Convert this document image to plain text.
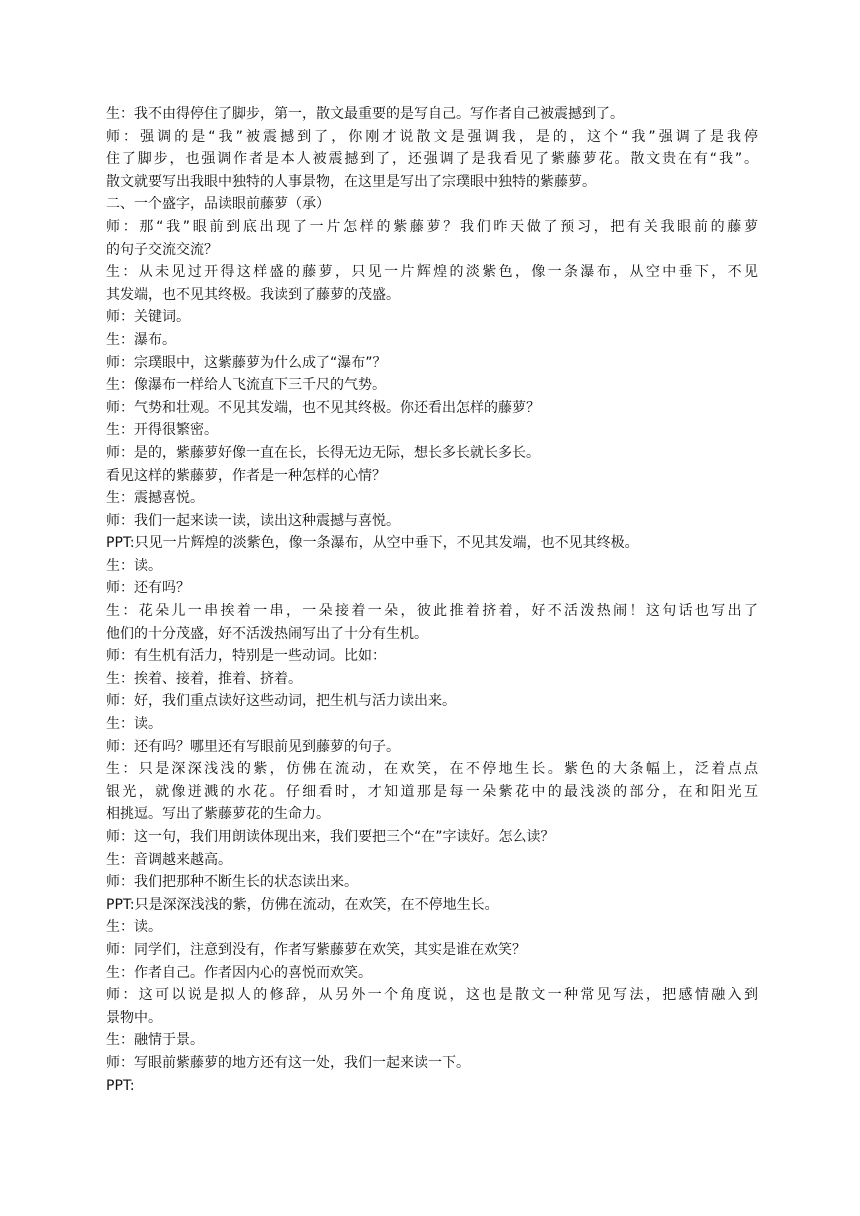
生：我不由得停住了脚步，第一，散文最重要的是写自己。写作者自己被震撼到了。
师：强调的是“我”被震撼到了，你刚才说散文是强调我，是的，这个“我”强调了是我停
住了脚步，也强调作者是本人被震撼到了，还强调了是我看见了紫藤萝花。散文贵在有“我”。
散文就要写出我眼中独特的人事景物，在这里是写出了宗璞眼中独特的紫藤萝。
二、一个盛字，品读眼前藤萝（承）
师：那“我”眼前到底出现了一片怎样的紫藤萝？我们昨天做了预习，把有关我眼前的藤萝
的句子交流交流？
生：从未见过开得这样盛的藤萝，只见一片辉煌的淡紫色，像一条瀑布，从空中垂下，不见
其发端，也不见其终极。我读到了藤萝的茂盛。
师：关键词。
生：瀑布。
师：宗璞眼中，这紫藤萝为什么成了“瀑布”？
生：像瀑布一样给人飞流直下三千尺的气势。
师：气势和壮观。不见其发端，也不见其终极。你还看出怎样的藤萝？
生：开得很繁密。
师：是的，紫藤萝好像一直在长，长得无边无际，想长多长就长多长。
看见这样的紫藤萝，作者是一种怎样的心情？
生：震撼喜悦。
师：我们一起来读一读，读出这种震撼与喜悦。
PPT:只见一片辉煌的淡紫色，像一条瀑布，从空中垂下，不见其发端，也不见其终极。
生：读。
师：还有吗？
生：花朵儿一串挨着一串，一朵接着一朵，彼此推着挤着，好不活泼热闹！这句话也写出了
他们的十分茂盛，好不活泼热闹写出了十分有生机。
师：有生机有活力，特别是一些动词。比如：
生：挨着、接着，推着、挤着。
师：好，我们重点读好这些动词，把生机与活力读出来。
生：读。
师：还有吗？哪里还有写眼前见到藤萝的句子。
生：只是深深浅浅的紫，仿佛在流动，在欢笑，在不停地生长。紫色的大条幅上，泛着点点
银光，就像迸溅的水花。仔细看时，才知道那是每一朵紫花中的最浅淡的部分，在和阳光互
相挑逗。写出了紫藤萝花的生命力。
师：这一句，我们用朗读体现出来，我们要把三个“在”字读好。怎么读？
生：音调越来越高。
师：我们把那种不断生长的状态读出来。
PPT:只是深深浅浅的紫，仿佛在流动，在欢笑，在不停地生长。
生：读。
师：同学们，注意到没有，作者写紫藤萝在欢笑，其实是谁在欢笑？
生：作者自己。作者因内心的喜悦而欢笑。
师：这可以说是拟人的修辞，从另外一个角度说，这也是散文一种常见写法，把感情融入到
景物中。
生：融情于景。
师：写眼前紫藤萝的地方还有这一处，我们一起来读一下。
PPT:
